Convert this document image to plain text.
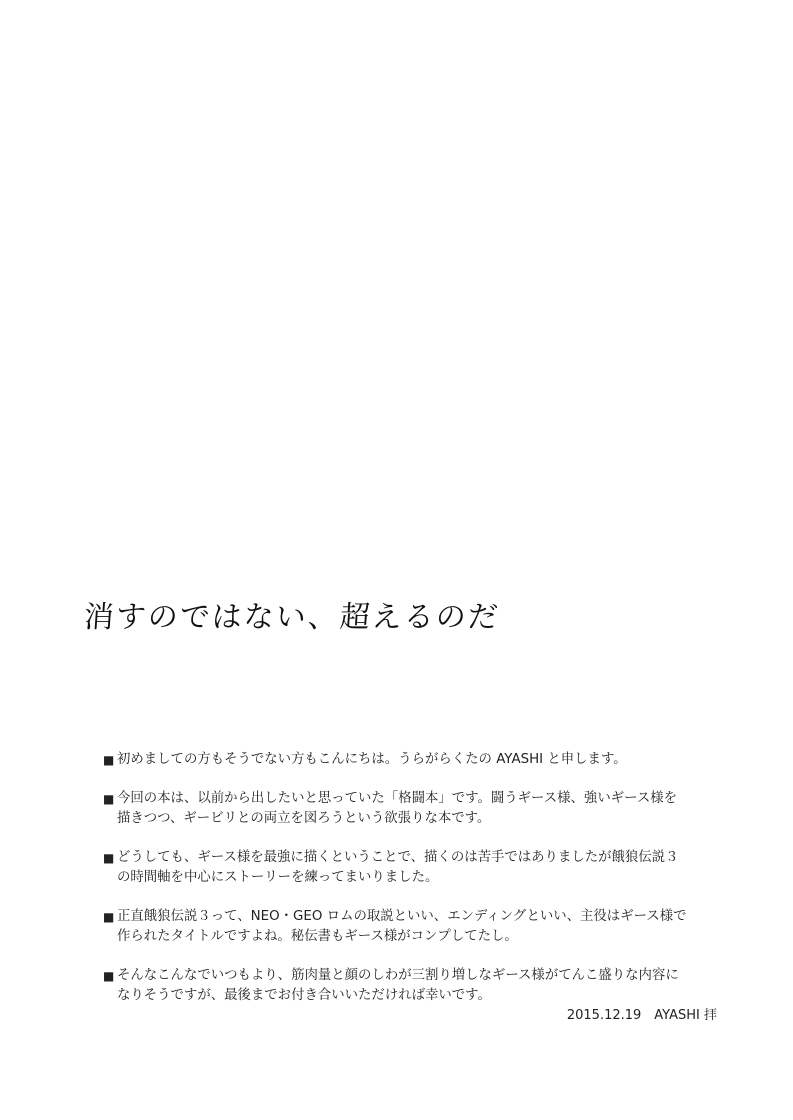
消すのではない、超えるのだ
■ 初めましての方もそうでない方もこんにちは。うらがらくたの AYASHI と申します。
■ 今回の本は、以前から出したいと思っていた「格闘本」です。闘うギース様、強いギース様を
描きつつ、ギービリとの両立を図ろうという欲張りな本です。
■ どうしても、ギース様を最強に描くということで、描くのは苦手ではありましたが餓狼伝説３
の時間軸を中心にストーリーを練ってまいりました。
■ 正直餓狼伝説３って、NEO・GEO ロムの取説といい、エンディングといい、主役はギース様で
作られたタイトルですよね。秘伝書もギース様がコンプしてたし。
■ そんなこんなでいつもより、筋肉量と顔のしわが三割り増しなギース様がてんこ盛りな内容に
なりそうですが、最後までお付き合いいただければ幸いです。
2015.12.19　AYASHI 拝
